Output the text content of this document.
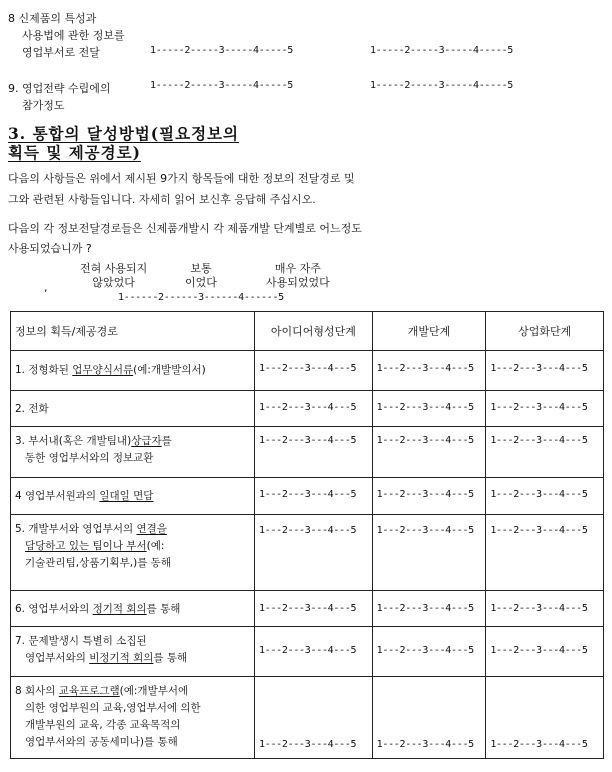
8 신제품의 특성과
사용법에 관한 정보를
영업부서로 전달	1-----2-----3-----4-----5	1-----2-----3-----4-----5
9. 영업전략 수립에의
참가정도
1-----2-----3-----4-----5	1-----2-----3-----4-----5
3. 통합의 달성방법(필요정보의
획득 및 제공경로)
다음의 사항들은 위에서 제시된 9가지 항목들에 대한 정보의 전달경로 및
그와 관련된 사항들입니다. 자세히 읽어 보신후 응답해 주십시오.
다음의 각 정보전달경로들은 신제품개발시 각 제품개발 단계별로 어느정도
사용되었습니까 ?
전혀 사용되지
않았었다
보통
이었다
매우 자주
사용되었었다
,
1------2------3------4------5
정보의 획득/제공경로	아이디어형성단계	개발단계	상업화단계

1. 정형화된 업무양식서류(예:개발발의서)	1---2---3---4---5	1---2---3---4---5	1---2---3---4---5

2. 전화	1---2---3---4---5	1---2---3---4---5	1---2---3---4---5

3. 부서내(혹은 개발팀내)상급자를
동한 영업부서와의 정보교환	1---2---3---4---5	1---2---3---4---5	1---2---3---4---5

4 영업부서원과의 일대일 면담	1---2---3---4---5	1---2---3---4---5	1---2---3---4---5

5. 개발부서와 영업부서의 연결을
담당하고 있는 팀이나 부서(예:
기술관리팀,상품기획부,)를 동해	1---2---3---4---5	1---2---3---4---5	1---2---3---4---5

6. 영업부서와의 정기적 회의를 통해	1---2---3---4---5	1---2---3---4---5	1---2---3---4---5

7. 문제발생시 특별히 소집된
영업부서와의 비정기적 회의를 통해	1---2---3---4---5	1---2---3---4---5	1---2---3---4---5

8 회사의 교육프로그램(예:개발부서에
의한 영업부원의 교육,영업부서에 의한
개발부원의 교육, 각종 교육목적의
영업부서와의 공동세미나)를 통해	1---2---3---4---5	1---2---3---4---5	1---2---3---4---5
